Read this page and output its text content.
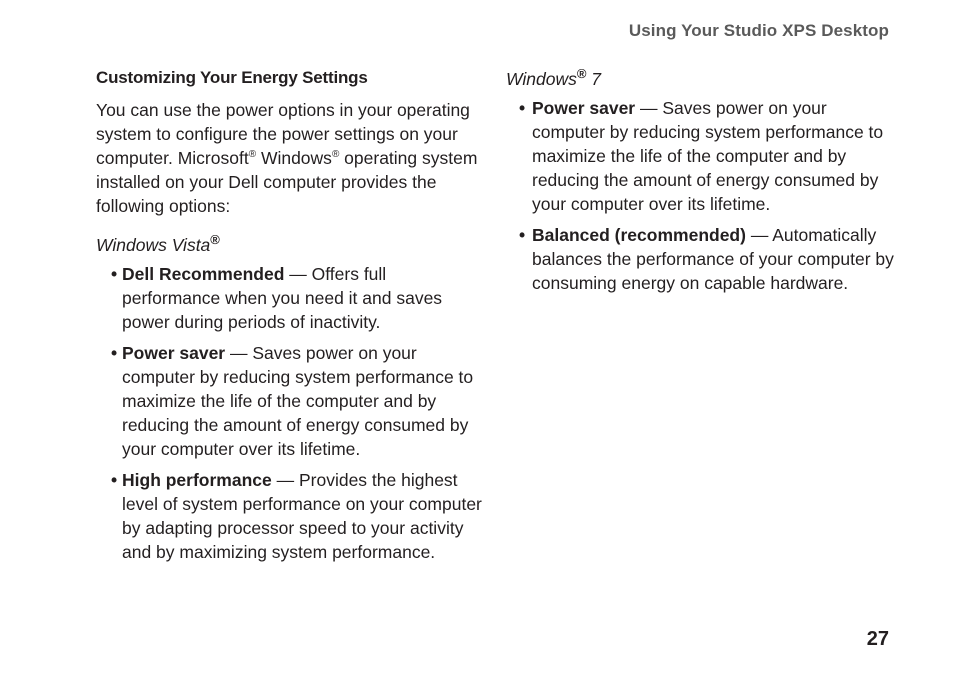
Using Your Studio XPS Desktop
Customizing Your Energy Settings

You can use the power options in your operating system to configure the power settings on your computer. Microsoft® Windows® operating system installed on your Dell computer provides the following options:

Windows Vista®
• Dell Recommended — Offers full performance when you need it and saves power during periods of inactivity.
• Power saver — Saves power on your computer by reducing system performance to maximize the life of the computer and by reducing the amount of energy consumed by your computer over its lifetime.
• High performance — Provides the highest level of system performance on your computer by adapting processor speed to your activity and by maximizing system performance.
Windows® 7
• Power saver — Saves power on your computer by reducing system performance to maximize the life of the computer and by reducing the amount of energy consumed by your computer over its lifetime.
• Balanced (recommended) — Automatically balances the performance of your computer by consuming energy on capable hardware.
27
